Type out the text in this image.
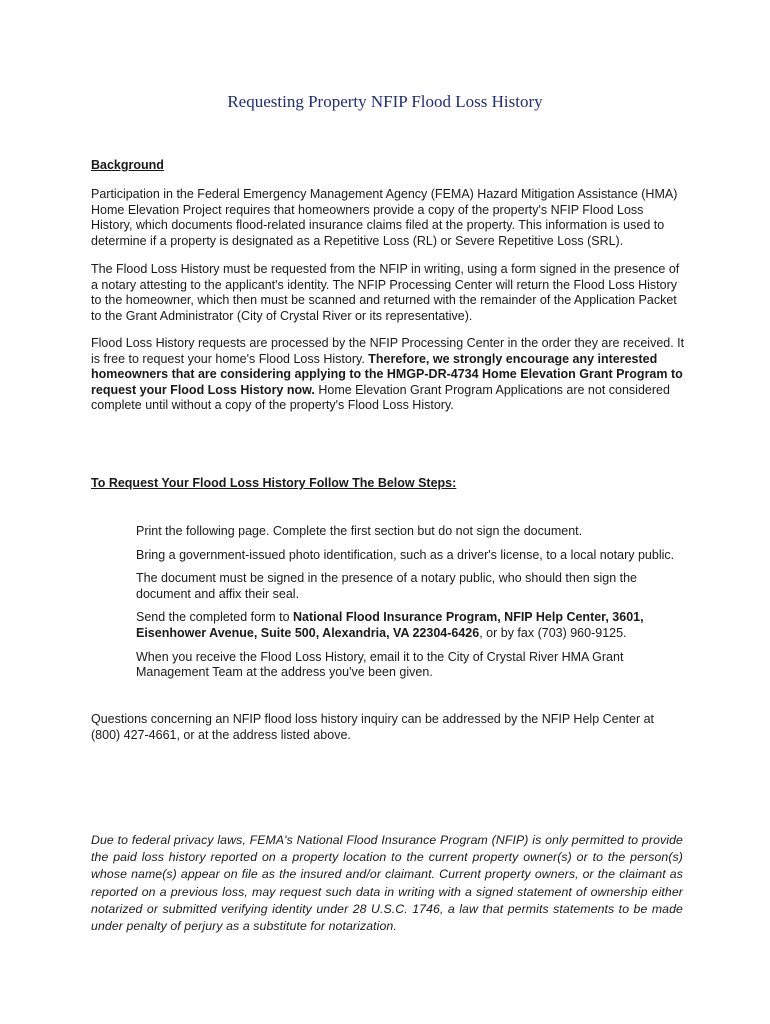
Requesting Property NFIP Flood Loss History

Background

Participation in the Federal Emergency Management Agency (FEMA) Hazard Mitigation Assistance (HMA) Home Elevation Project requires that homeowners provide a copy of the property's NFIP Flood Loss History, which documents flood-related insurance claims filed at the property. This information is used to determine if a property is designated as a Repetitive Loss (RL) or Severe Repetitive Loss (SRL).

The Flood Loss History must be requested from the NFIP in writing, using a form signed in the presence of a notary attesting to the applicant's identity. The NFIP Processing Center will return the Flood Loss History to the homeowner, which then must be scanned and returned with the remainder of the Application Packet to the Grant Administrator (City of Crystal River or its representative).

Flood Loss History requests are processed by the NFIP Processing Center in the order they are received. It is free to request your home's Flood Loss History. Therefore, we strongly encourage any interested homeowners that are considering applying to the HMGP-DR-4734 Home Elevation Grant Program to request your Flood Loss History now. Home Elevation Grant Program Applications are not considered complete until without a copy of the property's Flood Loss History.

To Request Your Flood Loss History Follow The Below Steps:

Print the following page. Complete the first section but do not sign the document.

Bring a government-issued photo identification, such as a driver's license, to a local notary public.

The document must be signed in the presence of a notary public, who should then sign the document and affix their seal.

Send the completed form to National Flood Insurance Program, NFIP Help Center, 3601, Eisenhower Avenue, Suite 500, Alexandria, VA 22304-6426, or by fax (703) 960-9125.

When you receive the Flood Loss History, email it to the City of Crystal River HMA Grant Management Team at the address you've been given.

Questions concerning an NFIP flood loss history inquiry can be addressed by the NFIP Help Center at (800) 427-4661, or at the address listed above.

Due to federal privacy laws, FEMA's National Flood Insurance Program (NFIP) is only permitted to provide the paid loss history reported on a property location to the current property owner(s) or to the person(s) whose name(s) appear on file as the insured and/or claimant. Current property owners, or the claimant as reported on a previous loss, may request such data in writing with a signed statement of ownership either notarized or submitted verifying identity under 28 U.S.C. 1746, a law that permits statements to be made under penalty of perjury as a substitute for notarization.
